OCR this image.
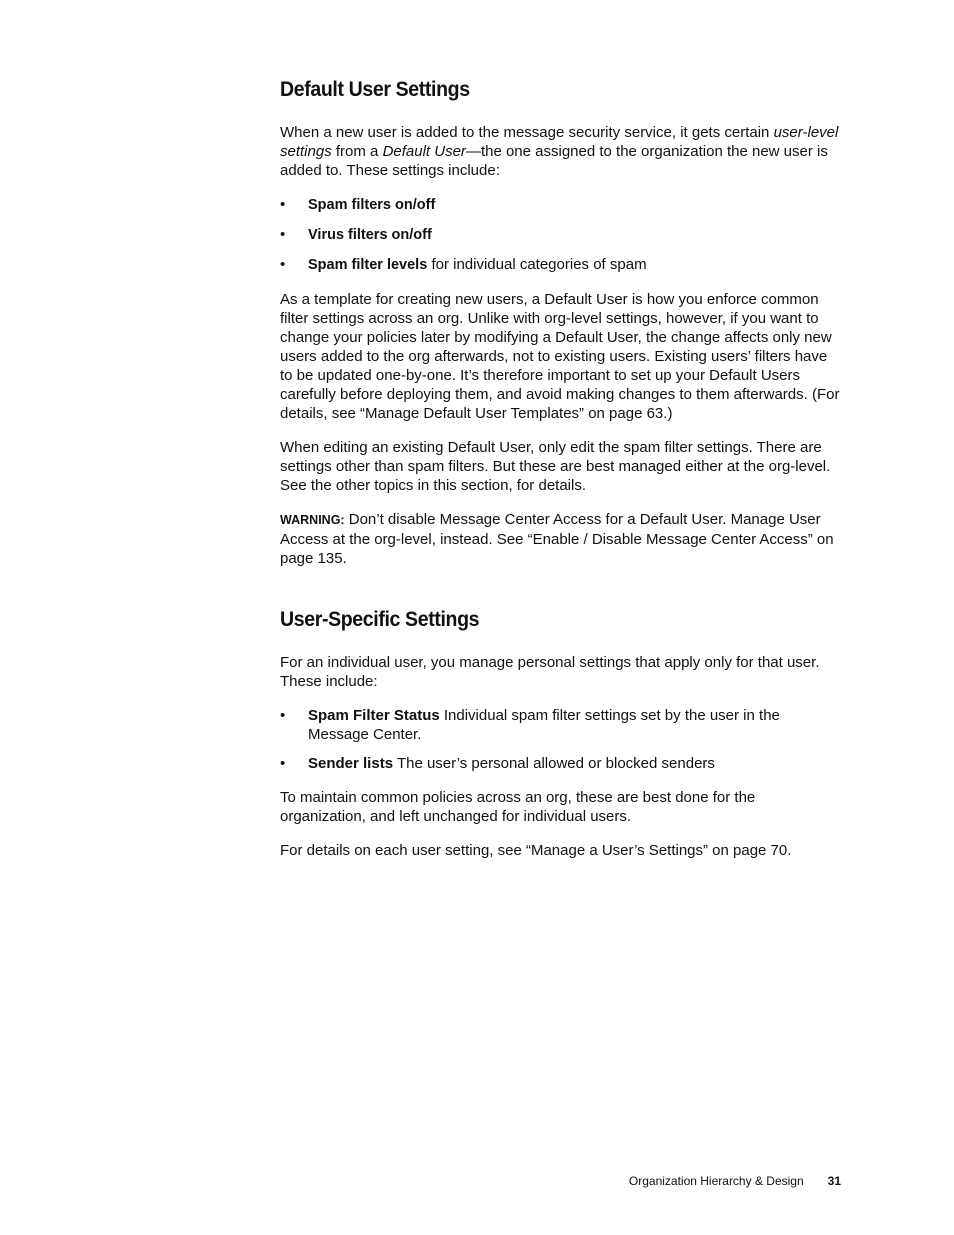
Default User Settings

When a new user is added to the message security service, it gets certain user-level settings from a Default User—the one assigned to the organization the new user is added to. These settings include:

• Spam filters on/off
• Virus filters on/off
• Spam filter levels for individual categories of spam

As a template for creating new users, a Default User is how you enforce common filter settings across an org. Unlike with org-level settings, however, if you want to change your policies later by modifying a Default User, the change affects only new users added to the org afterwards, not to existing users. Existing users’ filters have to be updated one-by-one. It’s therefore important to set up your Default Users carefully before deploying them, and avoid making changes to them afterwards. (For details, see “Manage Default User Templates” on page 63.)

When editing an existing Default User, only edit the spam filter settings. There are settings other than spam filters. But these are best managed either at the org-level. See the other topics in this section, for details.

WARNING: Don’t disable Message Center Access for a Default User. Manage User Access at the org-level, instead. See “Enable / Disable Message Center Access” on page 135.

User-Specific Settings

For an individual user, you manage personal settings that apply only for that user. These include:

• Spam Filter Status Individual spam filter settings set by the user in the Message Center.
• Sender lists The user’s personal allowed or blocked senders

To maintain common policies across an org, these are best done for the organization, and left unchanged for individual users.

For details on each user setting, see “Manage a User’s Settings” on page 70.

Organization Hierarchy & Design 31
